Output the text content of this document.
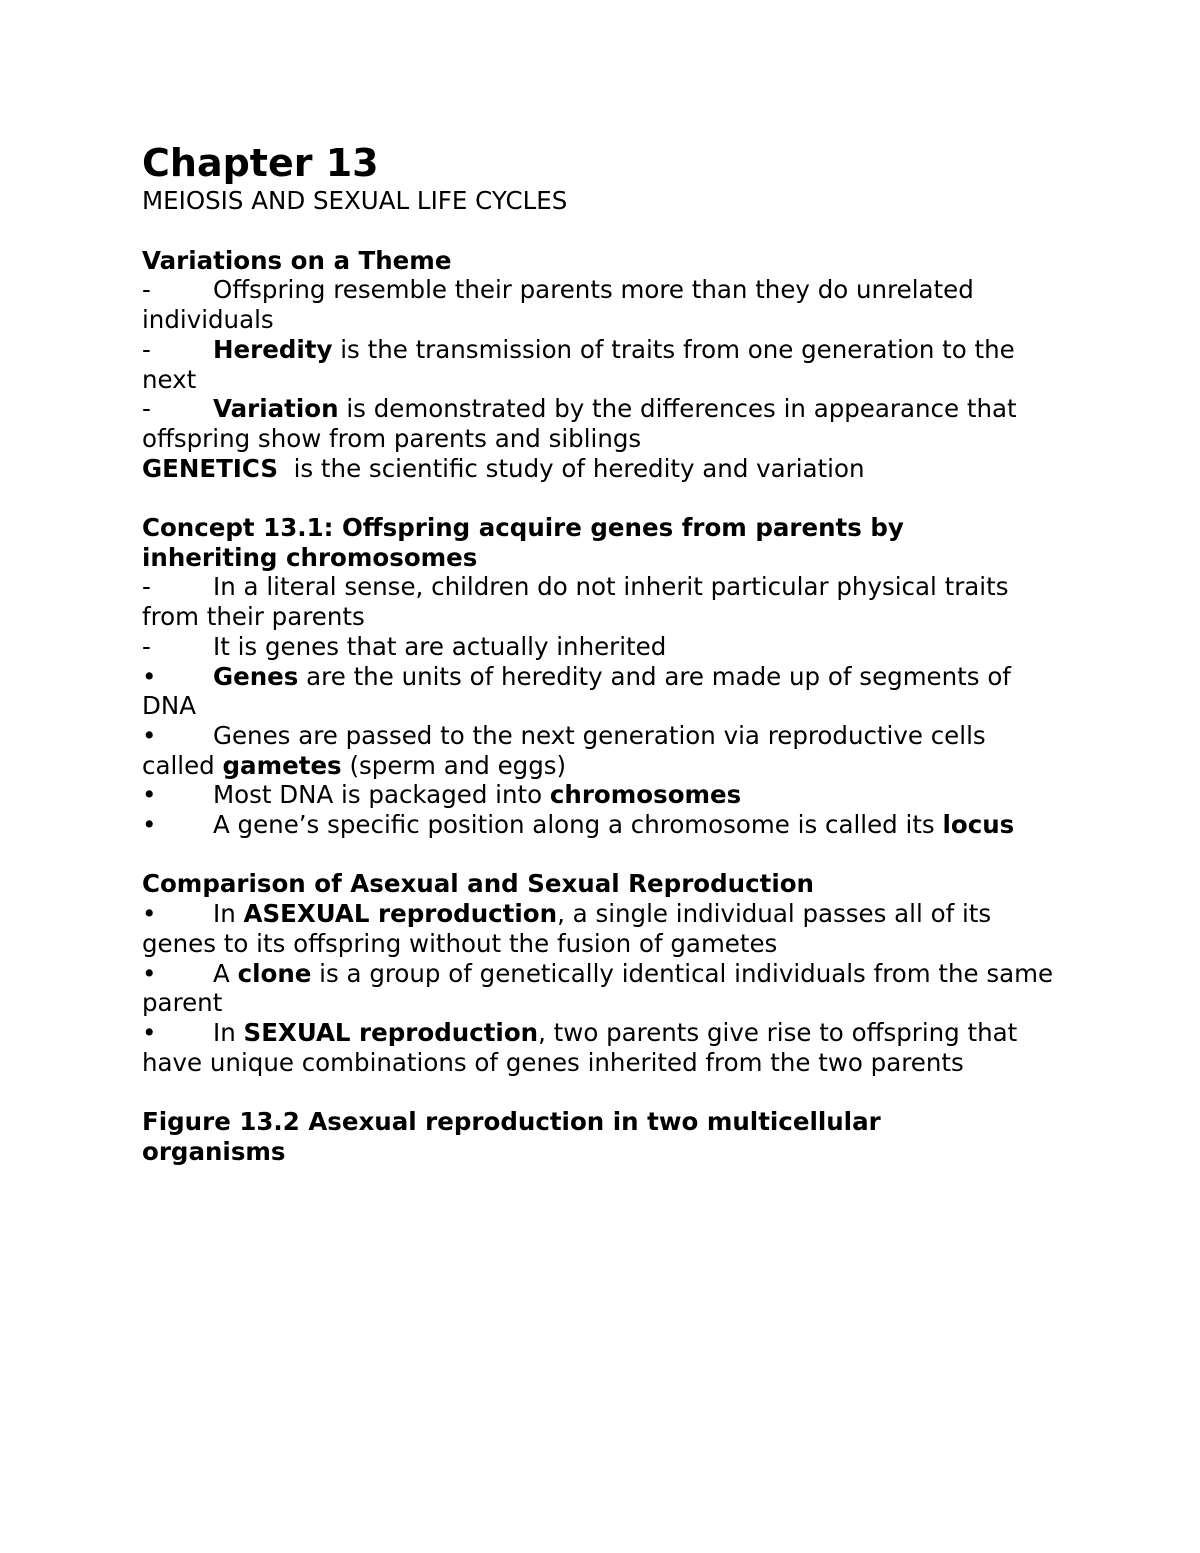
Chapter 13
MEIOSIS AND SEXUAL LIFE CYCLES
Variations on a Theme
-	Offspring resemble their parents more than they do unrelated individuals
-	Heredity is the transmission of traits from one generation to the next
-	Variation is demonstrated by the differences in appearance that offspring show from parents and siblings
GENETICS  is the scientific study of heredity and variation
Concept 13.1: Offspring acquire genes from parents by inheriting chromosomes
-	In a literal sense, children do not inherit particular physical traits from their parents
-	It is genes that are actually inherited
• Genes are the units of heredity and are made up of segments of DNA
• Genes are passed to the next generation via reproductive cells called gametes (sperm and eggs)
• Most DNA is packaged into chromosomes
• A gene’s specific position along a chromosome is called its locus
Comparison of Asexual and Sexual Reproduction
• In ASEXUAL reproduction, a single individual passes all of its genes to its offspring without the fusion of gametes
• A clone is a group of genetically identical individuals from the same parent
• In SEXUAL reproduction, two parents give rise to offspring that have unique combinations of genes inherited from the two parents
Figure 13.2 Asexual reproduction in two multicellular organisms
